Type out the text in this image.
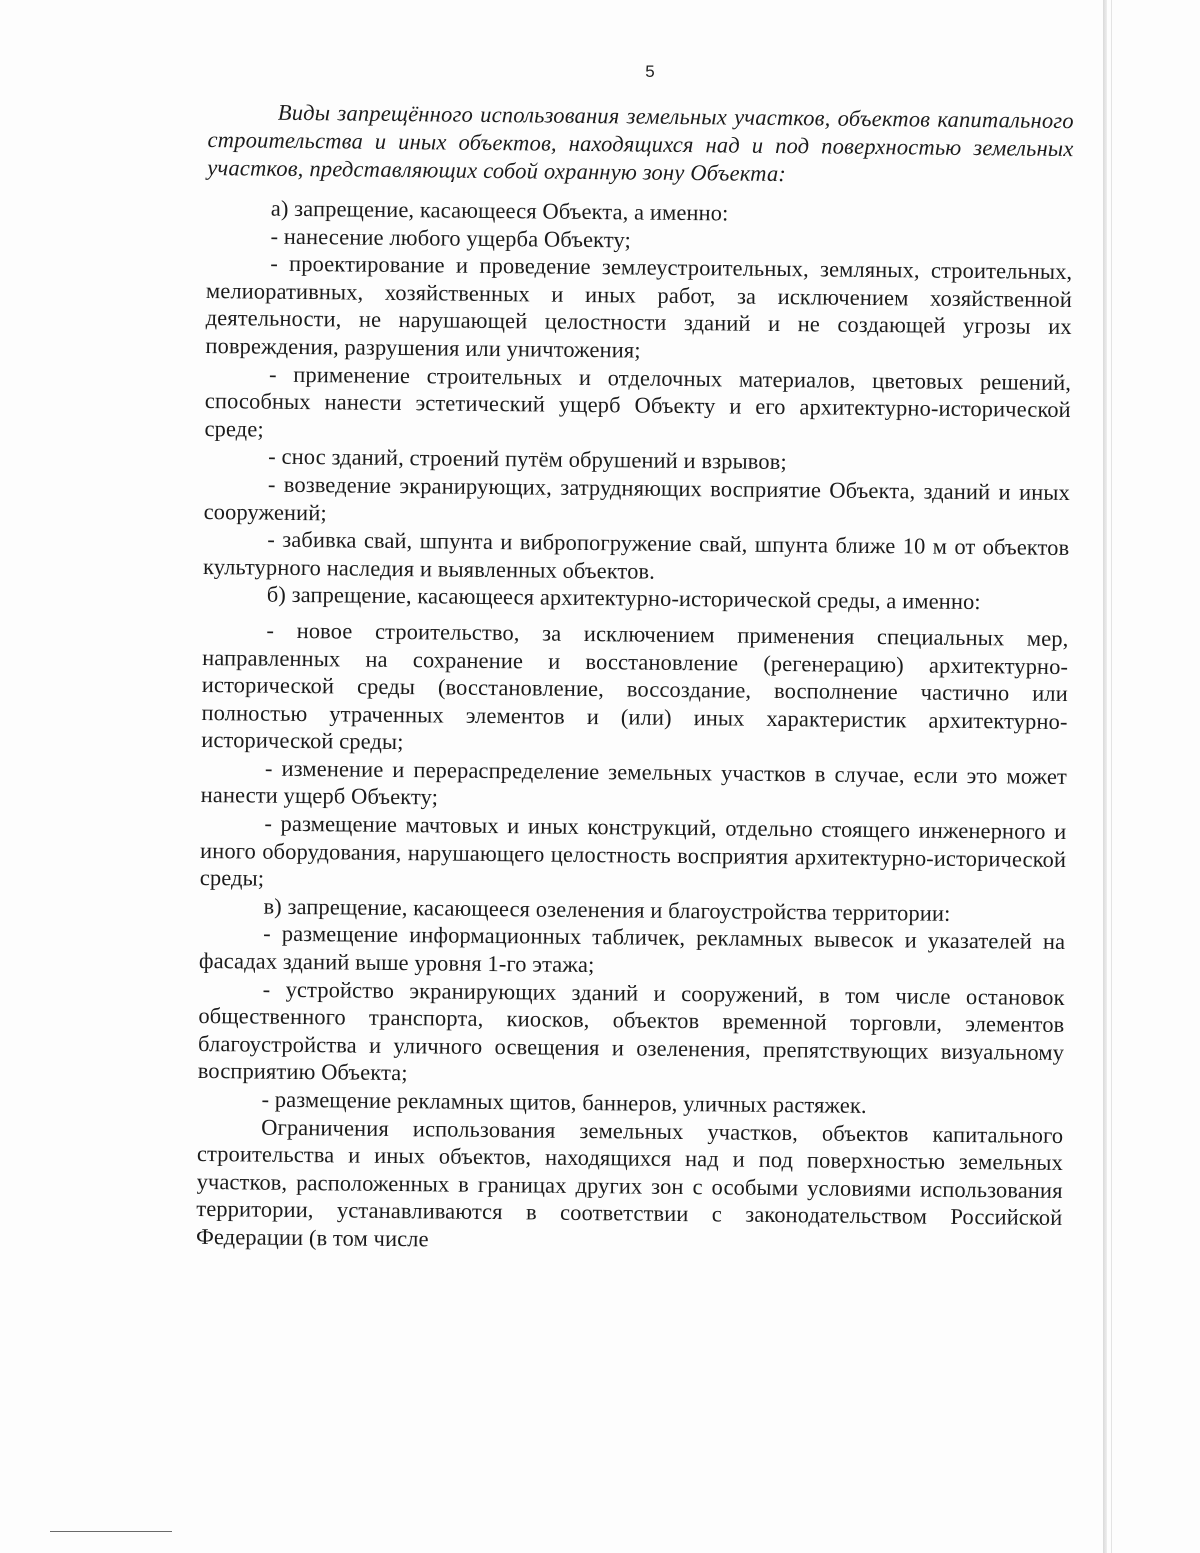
5

Виды запрещённого использования земельных участков, объектов капитального строительства и иных объектов, находящихся над и под поверхностью земельных участков, представляющих собой охранную зону Объекта:

а) запрещение, касающееся Объекта, а именно:

- нанесение любого ущерба Объекту;

- проектирование и проведение землеустроительных, земляных, строительных, мелиоративных, хозяйственных и иных работ, за исключением хозяйственной деятельности, не нарушающей целостности зданий и не создающей угрозы их повреждения, разрушения или уничтожения;

- применение строительных и отделочных материалов, цветовых решений, способных нанести эстетический ущерб Объекту и его архитектурно-исторической среде;

- снос зданий, строений путём обрушений и взрывов;

- возведение экранирующих, затрудняющих восприятие Объекта, зданий и иных сооружений;

- забивка свай, шпунта и вибропогружение свай, шпунта ближе 10 м от объектов культурного наследия и выявленных объектов.

б) запрещение, касающееся архитектурно-исторической среды, а именно:

- новое строительство, за исключением применения специальных мер, направленных на сохранение и восстановление (регенерацию) архитектурно-исторической среды (восстановление, воссоздание, восполнение частично или полностью утраченных элементов и (или) иных характеристик архитектурно-исторической среды;

- изменение и перераспределение земельных участков в случае, если это может нанести ущерб Объекту;

- размещение мачтовых и иных конструкций, отдельно стоящего инженерного и иного оборудования, нарушающего целостность восприятия архитектурно-исторической среды;

в) запрещение, касающееся озеленения и благоустройства территории:

- размещение информационных табличек, рекламных вывесок и указателей на фасадах зданий выше уровня 1-го этажа;

- устройство экранирующих зданий и сооружений, в том числе остановок общественного транспорта, киосков, объектов временной торговли, элементов благоустройства и уличного освещения и озеленения, препятствующих визуальному восприятию Объекта;

- размещение рекламных щитов, баннеров, уличных растяжек.

Ограничения использования земельных участков, объектов капитального строительства и иных объектов, находящихся над и под поверхностью земельных участков, расположенных в границах других зон с особыми условиями использования территории, устанавливаются в соответствии с законодательством Российской Федерации (в том числе
